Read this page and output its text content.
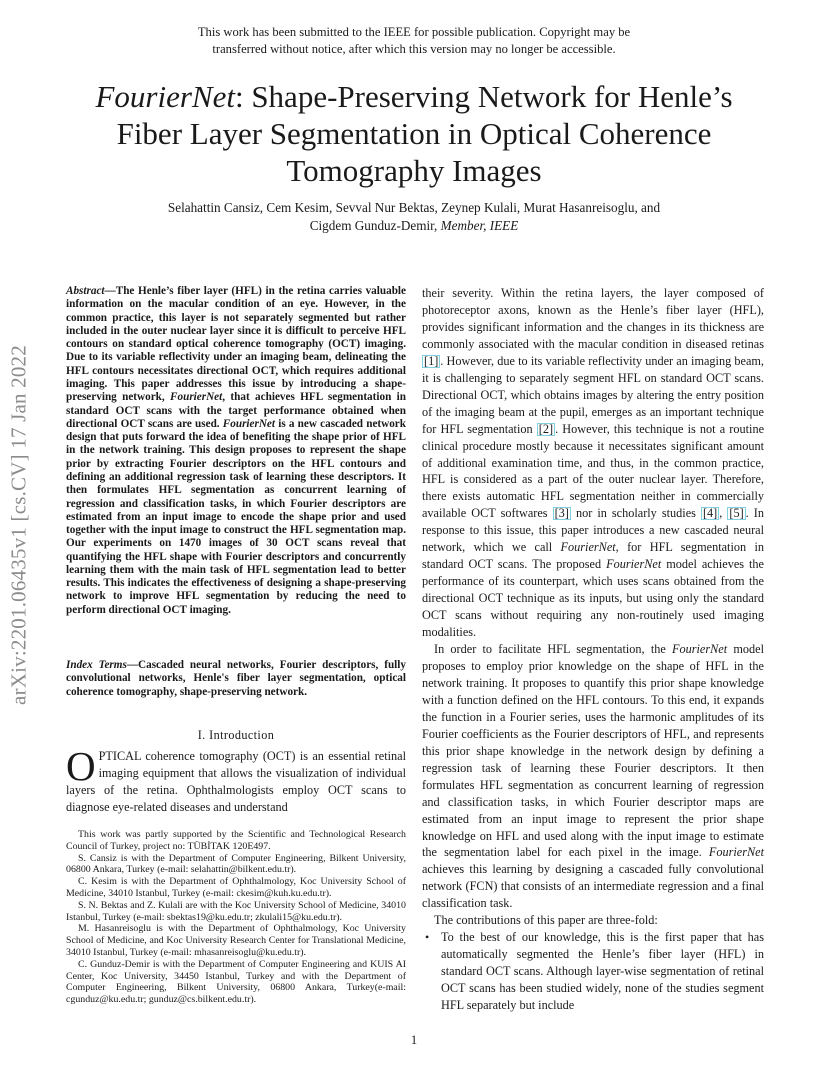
This work has been submitted to the IEEE for possible publication. Copyright may be
transferred without notice, after which this version may no longer be accessible.
FourierNet: Shape-Preserving Network for Henle’s Fiber Layer Segmentation in Optical Coherence Tomography Images
Selahattin Cansiz, Cem Kesim, Sevval Nur Bektas, Zeynep Kulali, Murat Hasanreisoglu, and
Cigdem Gunduz-Demir, Member, IEEE
arXiv:2201.06435v1 [cs.CV] 17 Jan 2022
Abstract—The Henle’s fiber layer (HFL) in the retina carries valuable information on the macular condition of an eye. However, in the common practice, this layer is not separately segmented but rather included in the outer nuclear layer since it is difficult to perceive HFL contours on standard optical coherence tomography (OCT) imaging. Due to its variable reflectivity under an imaging beam, delineating the HFL contours necessitates directional OCT, which requires additional imaging. This paper addresses this issue by introducing a shape-preserving network, FourierNet, that achieves HFL segmentation in standard OCT scans with the target performance obtained when directional OCT scans are used. FourierNet is a new cascaded network design that puts forward the idea of benefiting the shape prior of HFL in the network training. This design proposes to represent the shape prior by extracting Fourier descriptors on the HFL contours and defining an additional regression task of learning these descriptors. It then formulates HFL segmentation as concurrent learning of regression and classification tasks, in which Fourier descriptors are estimated from an input image to encode the shape prior and used together with the input image to construct the HFL segmentation map. Our experiments on 1470 images of 30 OCT scans reveal that quantifying the HFL shape with Fourier descriptors and concurrently learning them with the main task of HFL segmentation lead to better results. This indicates the effectiveness of designing a shape-preserving network to improve HFL segmentation by reducing the need to perform directional OCT imaging.
Index Terms—Cascaded neural networks, Fourier descriptors, fully convolutional networks, Henle's fiber layer segmentation, optical coherence tomography, shape-preserving network.
I. Introduction

OPTICAL coherence tomography (OCT) is an essential retinal imaging equipment that allows the visualization of individual layers of the retina. Ophthalmologists employ OCT scans to diagnose eye-related diseases and understand

This work was partly supported by the Scientific and Technological Research Council of Turkey, project no: TÜBİTAK 120E497.

S. Cansiz is with the Department of Computer Engineering, Bilkent University, 06800 Ankara, Turkey (e-mail: selahattin@bilkent.edu.tr).

C. Kesim is with the Department of Ophthalmology, Koc University School of Medicine, 34010 Istanbul, Turkey (e-mail: ckesim@kuh.ku.edu.tr).

S. N. Bektas and Z. Kulali are with the Koc University School of Medicine, 34010 Istanbul, Turkey (e-mail: sbektas19@ku.edu.tr; zkulali15@ku.edu.tr).

M. Hasanreisoglu is with the Department of Ophthalmology, Koc University School of Medicine, and Koc University Research Center for Translational Medicine, 34010 Istanbul, Turkey (e-mail: mhasanreisoglu@ku.edu.tr).

C. Gunduz-Demir is with the Department of Computer Engineering and KUIS AI Center, Koc University, 34450 Istanbul, Turkey and with the Department of Computer Engineering, Bilkent University, 06800 Ankara, Turkey(e-mail: cgunduz@ku.edu.tr; gunduz@cs.bilkent.edu.tr).

their severity. Within the retina layers, the layer composed of photoreceptor axons, known as the Henle’s fiber layer (HFL), provides significant information and the changes in its thickness are commonly associated with the macular condition in diseased retinas [1] . However, due to its variable reflectivity under an imaging beam, it is challenging to separately segment HFL on standard OCT scans. Directional OCT, which obtains images by altering the entry position of the imaging beam at the pupil, emerges as an important technique for HFL segmentation [2] . However, this technique is not a routine clinical procedure mostly because it necessitates significant amount of additional examination time, and thus, in the common practice, HFL is considered as a part of the outer nuclear layer. Therefore, there exists automatic HFL segmentation neither in commercially available OCT softwares [3] nor in scholarly studies [4] , [5] . In response to this issue, this paper introduces a new cascaded neural network, which we call FourierNet, for HFL segmentation in standard OCT scans. The proposed FourierNet model achieves the performance of its counterpart, which uses scans obtained from the directional OCT technique as its inputs, but using only the standard OCT scans without requiring any non-routinely used imaging modalities.

In order to facilitate HFL segmentation, the FourierNet model proposes to employ prior knowledge on the shape of HFL in the network training. It proposes to quantify this prior shape knowledge with a function defined on the HFL contours. To this end, it expands the function in a Fourier series, uses the harmonic amplitudes of its Fourier coefficients as the Fourier descriptors of HFL, and represents this prior shape knowledge in the network design by defining a regression task of learning these Fourier descriptors. It then formulates HFL segmentation as concurrent learning of regression and classification tasks, in which Fourier descriptor maps are estimated from an input image to represent the prior shape knowledge on HFL and used along with the input image to estimate the segmentation label for each pixel in the image. FourierNet achieves this learning by designing a cascaded fully convolutional network (FCN) that consists of an intermediate regression and a final classification task.

The contributions of this paper are three-fold:

• To the best of our knowledge, this is the first paper that has automatically segmented the Henle’s fiber layer (HFL) in standard OCT scans. Although layer-wise segmentation of retinal OCT scans has been studied widely, none of the studies segment HFL separately but include
1
